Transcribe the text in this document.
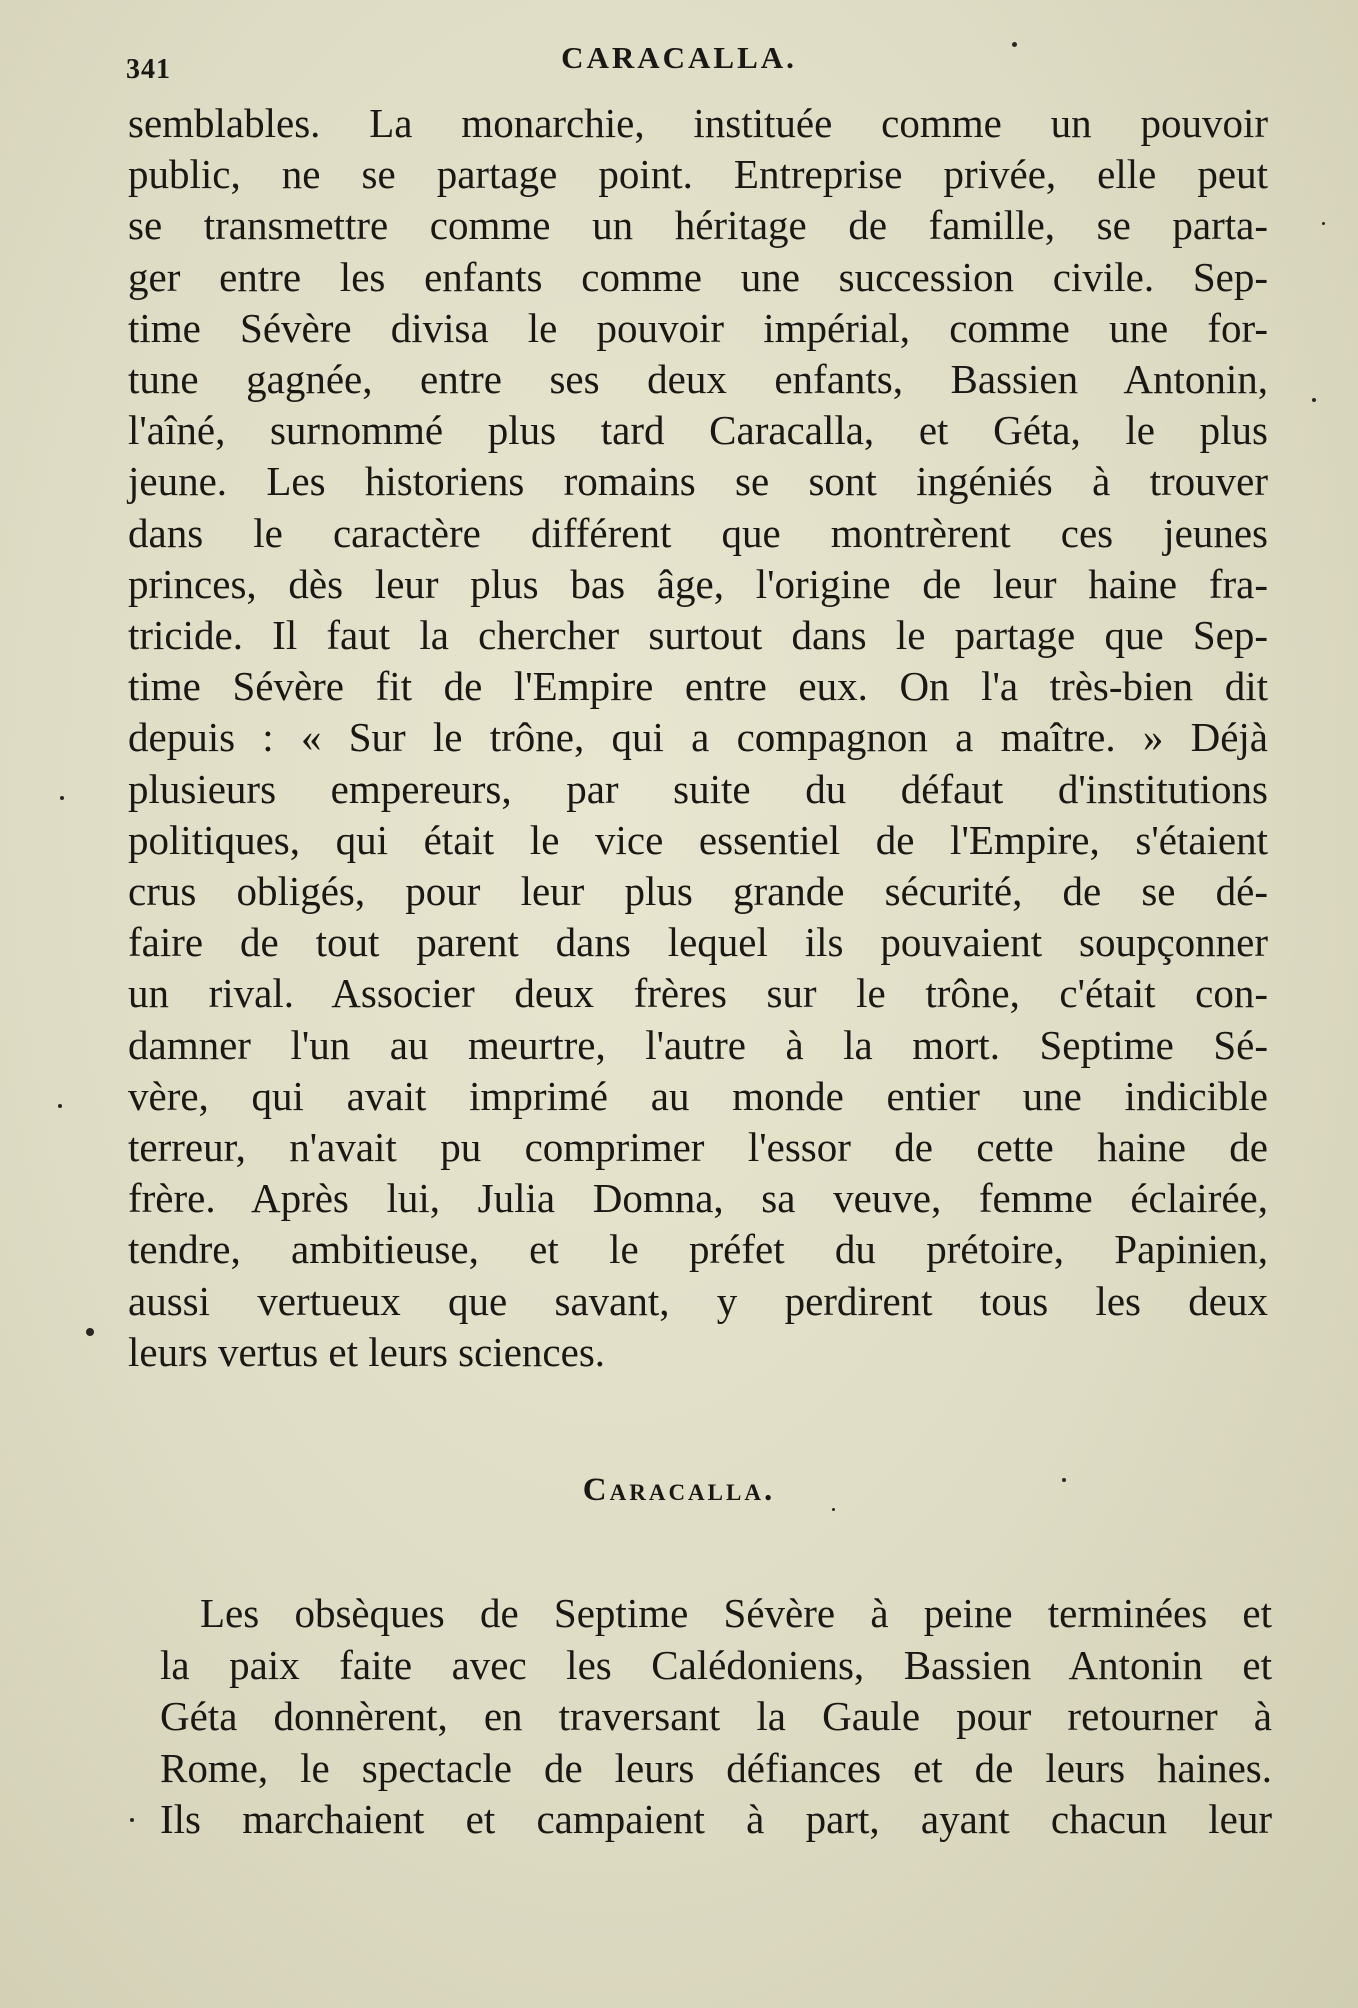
341	CARACALLA.
semblables. La monarchie, instituée comme un pouvoir
public, ne se partage point. Entreprise privée, elle peut
se transmettre comme un héritage de famille, se parta-
ger entre les enfants comme une succession civile. Sep-
time Sévère divisa le pouvoir impérial, comme une for-
tune gagnée, entre ses deux enfants, Bassien Antonin,
l'aîné, surnommé plus tard Caracalla, et Géta, le plus
jeune. Les historiens romains se sont ingéniés à trouver
dans le caractère différent que montrèrent ces jeunes
princes, dès leur plus bas âge, l'origine de leur haine fra-
tricide. Il faut la chercher surtout dans le partage que Sep-
time Sévère fit de l'Empire entre eux. On l'a très-bien dit
depuis : « Sur le trône, qui a compagnon a maître. » Déjà
plusieurs empereurs, par suite du défaut d'institutions
politiques, qui était le vice essentiel de l'Empire, s'étaient
crus obligés, pour leur plus grande sécurité, de se dé-
faire de tout parent dans lequel ils pouvaient soupçonner
un rival. Associer deux frères sur le trône, c'était con-
damner l'un au meurtre, l'autre à la mort. Septime Sé-
vère, qui avait imprimé au monde entier une indicible
terreur, n'avait pu comprimer l'essor de cette haine de
frère. Après lui, Julia Domna, sa veuve, femme éclairée,
tendre, ambitieuse, et le préfet du prétoire, Papinien,
aussi vertueux que savant, y perdirent tous les deux
leurs vertus et leurs sciences.
Caracalla.
Les obsèques de Septime Sévère à peine terminées et
la paix faite avec les Calédoniens, Bassien Antonin et
Géta donnèrent, en traversant la Gaule pour retourner à
Rome, le spectacle de leurs défiances et de leurs haines.
Ils marchaient et campaient à part, ayant chacun leur
